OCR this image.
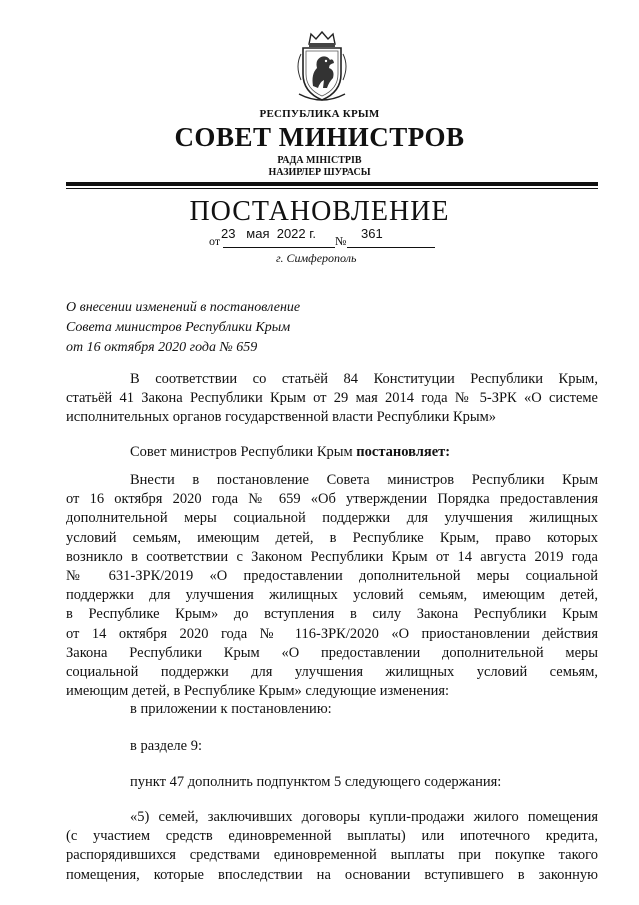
РЕСПУБЛИКА КРЫМ
СОВЕТ МИНИСТРОВ
РАДА МІНІСТРІВ
НАЗИРЛЕР ШУРАСЫ
ПОСТАНОВЛЕНИЕ
от 23   мая  2022 г. № 361
г. Симферополь
О внесении изменений в постановление
Совета министров Республики Крым
от 16 октября 2020 года № 659
В соответствии со статьёй 84 Конституции Республики Крым,
статьёй 41 Закона Республики Крым от 29 мая 2014 года № 5-ЗРК «О системе
исполнительных органов государственной власти Республики Крым»
Совет министров Республики Крым постановляет:
Внести в постановление Совета министров Республики Крым
от 16 октября 2020 года № 659 «Об утверждении Порядка предоставления
дополнительной меры социальной поддержки для улучшения жилищных
условий семьям, имеющим детей, в Республике Крым, право которых
возникло в соответствии с Законом Республики Крым от 14 августа 2019 года
№ 631-ЗРК/2019 «О предоставлении дополнительной меры социальной
поддержки для улучшения жилищных условий семьям, имеющим детей,
в Республике Крым» до вступления в силу Закона Республики Крым
от 14 октября 2020 года № 116-ЗРК/2020 «О приостановлении действия
Закона Республики Крым «О предоставлении дополнительной меры
социальной поддержки для улучшения жилищных условий семьям,
имеющим детей, в Республике Крым» следующие изменения:
в приложении к постановлению:
в разделе 9:
пункт 47 дополнить подпунктом 5 следующего содержания:
«5) семей, заключивших договоры купли-продажи жилого помещения
(с участием средств единовременной выплаты) или ипотечного кредита,
распорядившихся средствами единовременной выплаты при покупке такого
помещения, которые впоследствии на основании вступившего в законную
